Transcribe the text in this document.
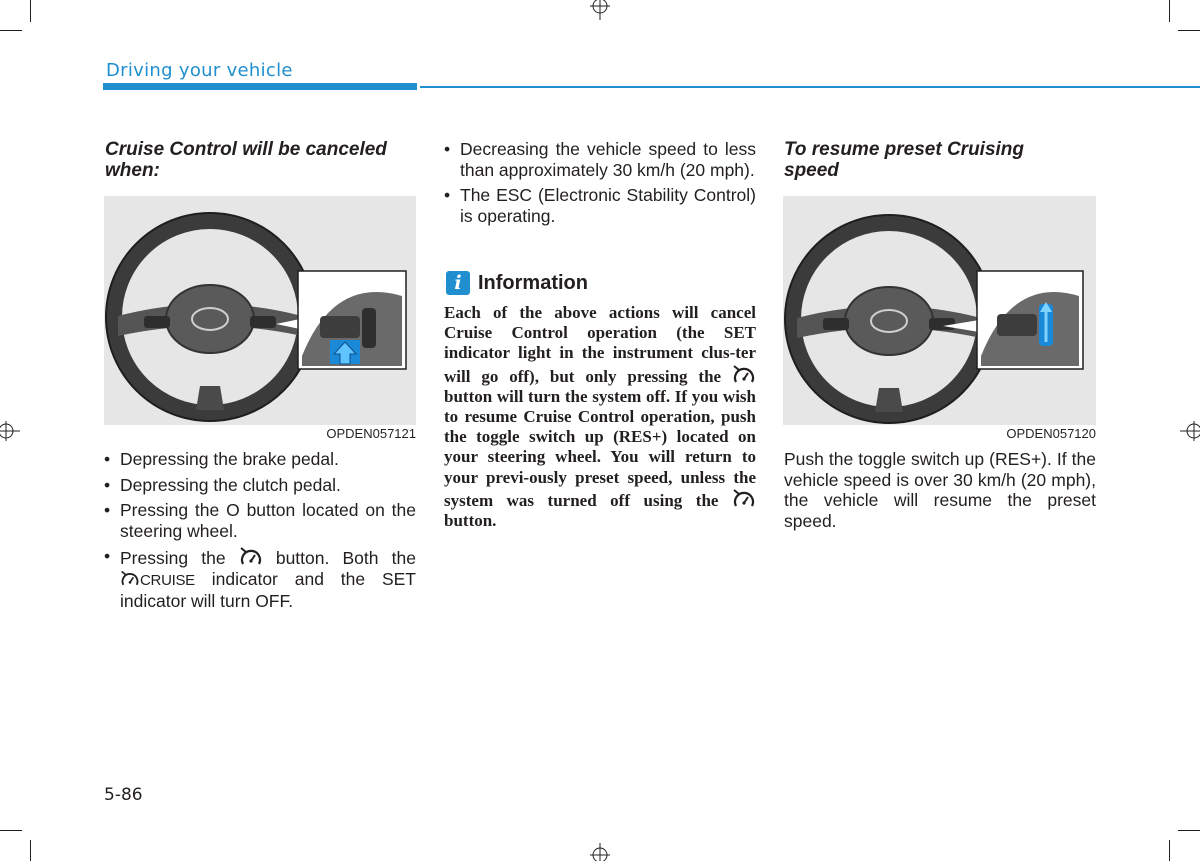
Driving your vehicle
Cruise Control will be canceled when:
OPDEN057121
• Depressing the brake pedal.
• Depressing the clutch pedal.
• Pressing the O button located on the steering wheel.
• Pressing the	button. Both the CRUISE indicator and the SET indicator will turn OFF.
• Decreasing the vehicle speed to less than approximately 30 km/h (20 mph).
• The ESC (Electronic Stability Control) is operating.
i Information
Each of the above actions will cancel Cruise Control operation (the SET indicator light in the instrument clus-ter will go off), but only pressing the  button will turn the system off. If you wish to resume Cruise Control operation, push the toggle switch up (RES+) located on your steering wheel. You will return to your previ-ously preset speed, unless the system was turned off using the  button.
To resume preset Cruising speed
OPDEN057120
Push the toggle switch up (RES+). If the vehicle speed is over 30 km/h (20 mph), the vehicle will resume the preset speed.
5-86
